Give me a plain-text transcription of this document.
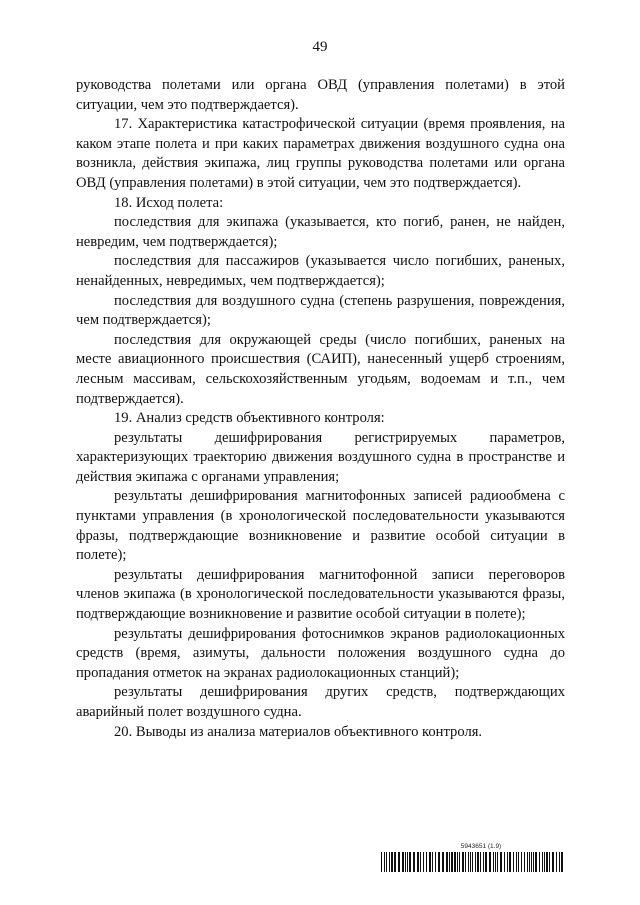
49

руководства полетами или органа ОВД (управления полетами) в этой ситуации, чем это подтверждается).

17. Характеристика катастрофической ситуации (время проявления, на каком этапе полета и при каких параметрах движения воздушного судна она возникла, действия экипажа, лиц группы руководства полетами или органа ОВД (управления полетами) в этой ситуации, чем это подтверждается).

18. Исход полета:

последствия для экипажа (указывается, кто погиб, ранен, не найден, невредим, чем подтверждается);

последствия для пассажиров (указывается число погибших, раненых, ненайденных, невредимых, чем подтверждается);

последствия для воздушного судна (степень разрушения, повреждения, чем подтверждается);

последствия для окружающей среды (число погибших, раненых на месте авиационного происшествия (САИП), нанесенный ущерб строениям, лесным массивам, сельскохозяйственным угодьям, водоемам и т.п., чем подтверждается).

19. Анализ средств объективного контроля:

результаты дешифрирования регистрируемых параметров, характеризующих траекторию движения воздушного судна в пространстве и действия экипажа с органами управления;

результаты дешифрирования магнитофонных записей радиообмена с пунктами управления (в хронологической последовательности указываются фразы, подтверждающие возникновение и развитие особой ситуации в полете);

результаты дешифрирования магнитофонной записи переговоров членов экипажа (в хронологической последовательности указываются фразы, подтверждающие возникновение и развитие особой ситуации в полете);

результаты дешифрирования фотоснимков экранов радиолокационных средств (время, азимуты, дальности положения воздушного судна до пропадания отметок на экранах радиолокационных станций);

результаты дешифрирования других средств, подтверждающих аварийный полет воздушного судна.

20. Выводы из анализа материалов объективного контроля.

5943651 (1.9)
